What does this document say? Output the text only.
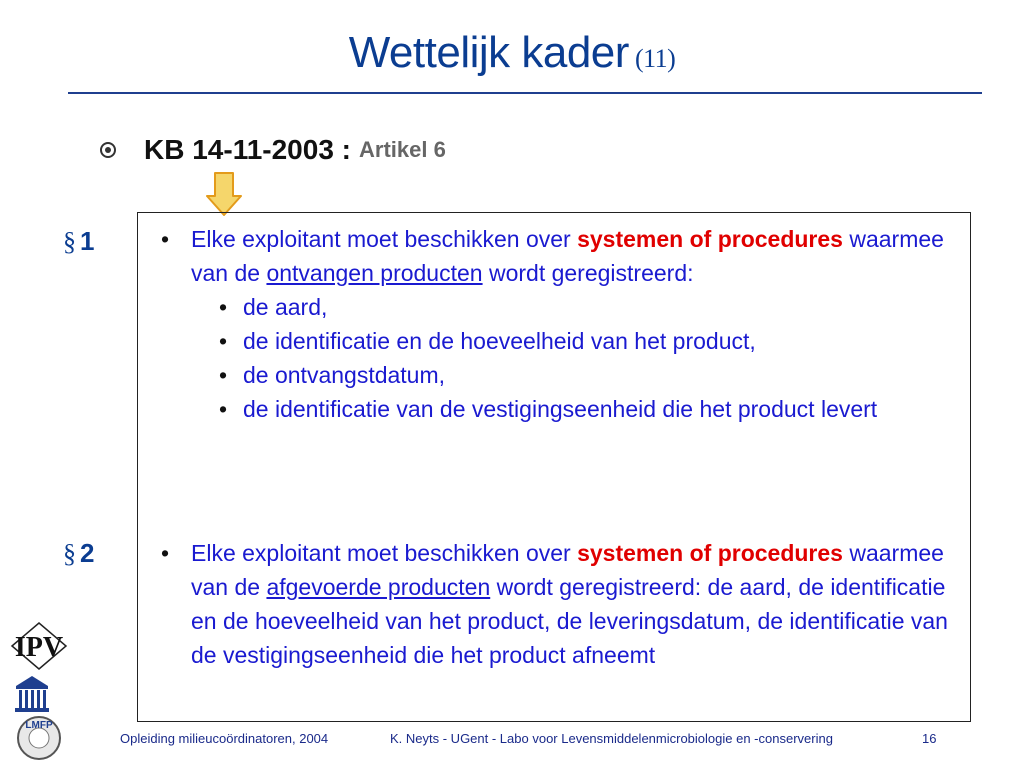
Wettelijk kader (11)
KB 14-11-2003 : Artikel 6
§ 1	• Elke exploitant moet beschikken over systemen of procedures waarmee van de ontvangen producten wordt geregistreerd:
• de aard,
• de identificatie en de hoeveelheid van het product,
• de ontvangstdatum,
• de identificatie van de vestigingseenheid die het product levert
§ 2	• Elke exploitant moet beschikken over systemen of procedures waarmee van de afgevoerde producten wordt geregistreerd: de aard, de identificatie en de hoeveelheid van het product, de leveringsdatum, de identificatie van de vestigingseenheid die het product afneemt
IPV
LMFP
Opleiding milieucoördinatoren, 2004	K. Neyts - UGent - Labo voor Levensmiddelenmicrobiologie en -conservering	16
